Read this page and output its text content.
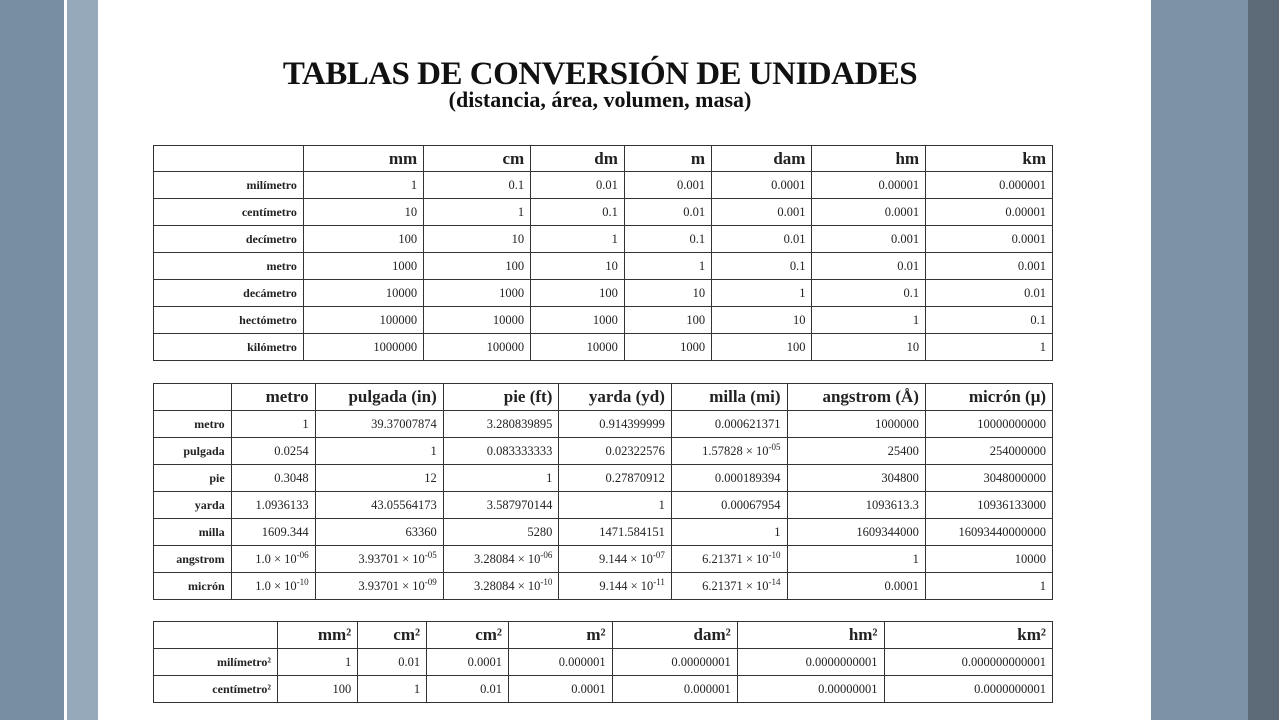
TABLAS DE CONVERSIÓN DE UNIDADES
(distancia, área, volumen, masa)
	mm	cm	dm	m	dam	hm	km
milímetro	1	0.1	0.01	0.001	0.0001	0.00001	0.000001
centímetro	10	1	0.1	0.01	0.001	0.0001	0.00001
decímetro	100	10	1	0.1	0.01	0.001	0.0001
metro	1000	100	10	1	0.1	0.01	0.001
decámetro	10000	1000	100	10	1	0.1	0.01
hectómetro	100000	10000	1000	100	10	1	0.1
kilómetro	1000000	100000	10000	1000	100	10	1
	metro	pulgada (in)	pie (ft)	yarda (yd)	milla (mi)	angstrom (Å)	micrón (μ)
metro	1	39.37007874	3.280839895	0.914399999	0.000621371	1000000	10000000000
pulgada	0.0254	1	0.083333333	0.02322576	$1.57828 \times 10^{-05}$	25400	254000000
pie	0.3048	12	1	0.27870912	0.000189394	304800	3048000000
yarda	1.0936133	43.05564173	3.587970144	1	0.00067954	1093613.3	10936133000
milla	1609.344	63360	5280	1471.584151	1	1609344000	16093440000000
angstrom	$1.0 \times 10^{-06}$	$3.93701 \times 10^{-05}$	$3.28084 \times 10^{-06}$	$9.144 \times 10^{-07}$	$6.21371 \times 10^{-10}$	1	10000
micrón	$1.0 \times 10^{-10}$	$3.93701 \times 10^{-09}$	$3.28084 \times 10^{-10}$	$9.144 \times 10^{-11}$	$6.21371 \times 10^{-14}$	0.0001	1
	mm²	cm²	cm²	m²	dam²	hm²	km²
milímetro²	1	0.01	0.0001	0.000001	0.00000001	0.0000000001	0.000000000001
centímetro²	100	1	0.01	0.0001	0.000001	0.00000001	0.0000000001
